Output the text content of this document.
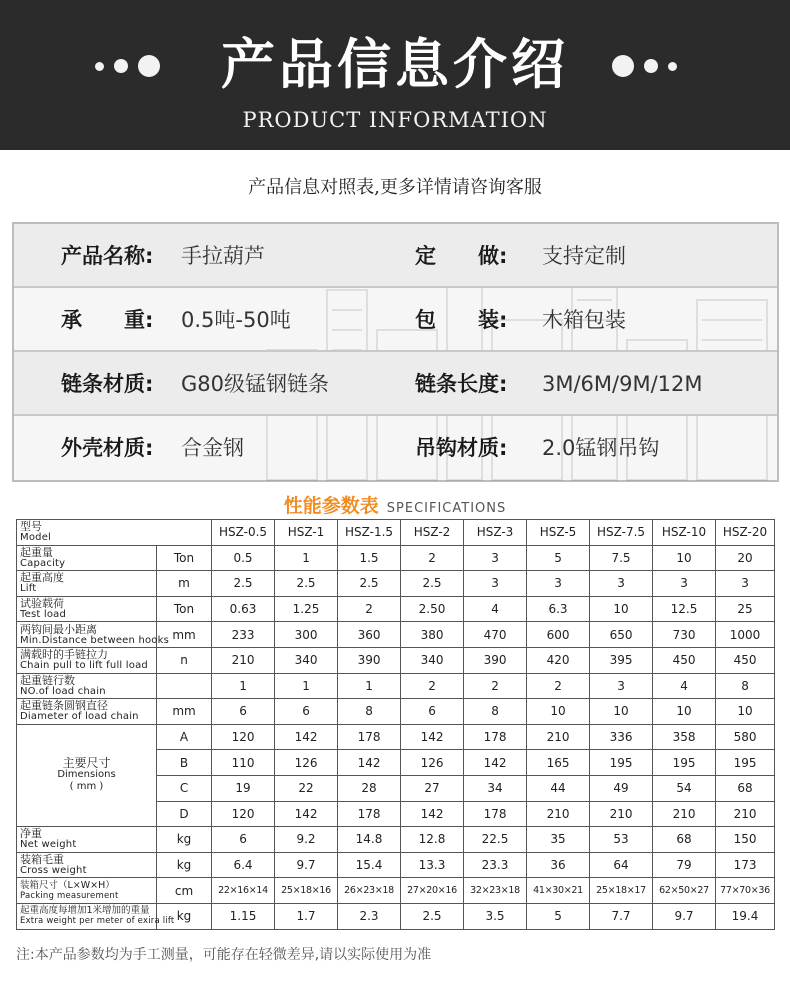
产品信息介绍
PRODUCT INFORMATION
产品信息对照表,更多详情请咨询客服
产品名称: 手拉葫芦	定　　做: 支持定制
承　　重: 0.5吨-50吨	包　　装: 木箱包装
链条材质: G80级锰钢链条	链条长度: 3M/6M/9M/12M
外壳材质: 合金钢	吊钩材质: 2.0锰钢吊钩
性能参数表 SPECIFICATIONS
型号
Model		HSZ-0.5	HSZ-1	HSZ-1.5	HSZ-2	HSZ-3	HSZ-5	HSZ-7.5	HSZ-10	HSZ-20

起重量
Capacity	Ton	0.5	1	1.5	2	3	5	7.5	10	20

起重高度
Lift	m	2.5	2.5	2.5	2.5	3	3	3	3	3

试验载荷
Test load	Ton	0.63	1.25	2	2.50	4	6.3	10	12.5	25

两钩间最小距离
Min.Distance between hooks	mm	233	300	360	380	470	600	650	730	1000

满载时的手链拉力
Chain pull to lift full load	n	210	340	390	340	390	420	395	450	450

起重链行数
NO.of load chain		1	1	1	2	2	2	3	4	8

起重链条圆钢直径
Diameter of load chain	mm	6	6	8	6	8	10	10	10	10

主要尺寸
Dimensions
( mm )	A	120	142	178	142	178	210	336	358	580
	B	110	126	142	126	142	165	195	195	195
	C	19	22	28	27	34	44	49	54	68
	D	120	142	178	142	178	210	210	210	210

净重
Net weight	kg	6	9.2	14.8	12.8	22.5	35	53	68	150

装箱毛重
Cross weight	kg	6.4	9.7	15.4	13.3	23.3	36	64	79	173

装箱尺寸（L×W×H）
Packing measurement	cm	22×16×14	25×18×16	26×23×18	27×20×16	32×23×18	41×30×21	25×18×17	62×50×27	77×70×36

起重高度每增加1米增加的重量
Extra weight per meter of exira lift	kg	1.15	1.7	2.3	2.5	3.5	5	7.7	9.7	19.4
注:本产品参数均为手工测量，可能存在轻微差异,请以实际使用为准
